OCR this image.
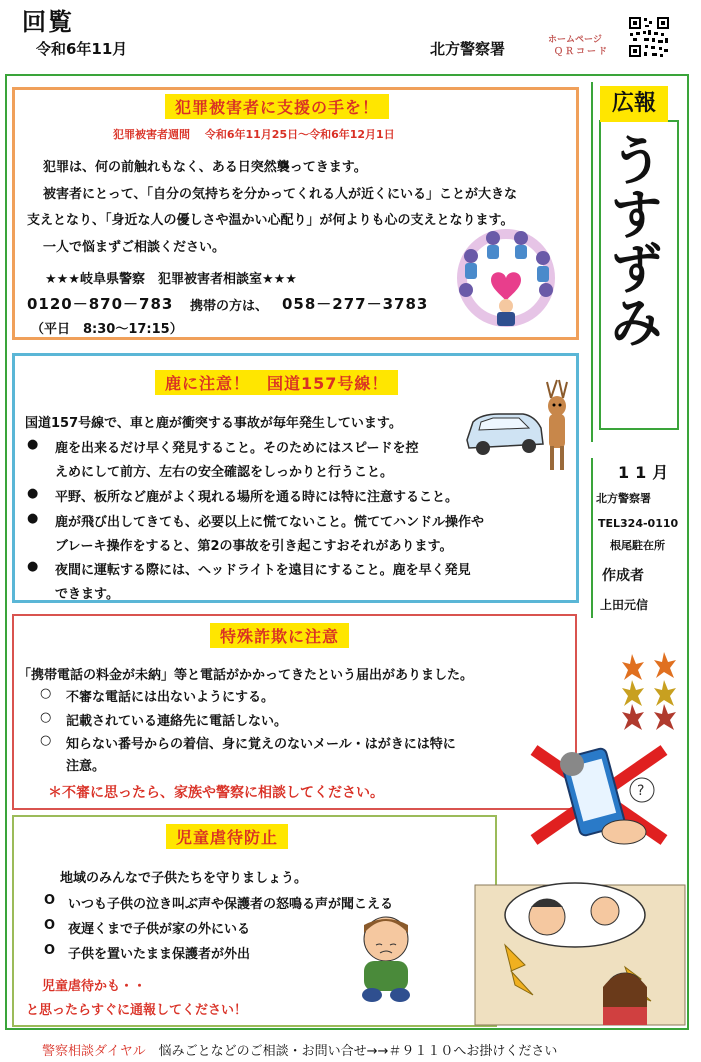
回覧
令和6年11月	北方警察署	ホームページ
ＱＲコード
犯罪被害者に支援の手を！
犯罪被害者週間　 令和6年11月25日～令和6年12月1日
犯罪は、何の前触れもなく、ある日突然襲ってきます。
被害者にとって、「自分の気持ちを分かってくれる人が近くにいる」ことが大きな
支えとなり、「身近な人の優しさや温かい心配り」が何よりも心の支えとなります。
一人で悩まずご相談ください。
★★★岐阜県警察　犯罪被害者相談室★★★
0120－870－783 携帯の方は、 058－277－3783
（平日　8:30～17:15）
鹿に注意！　国道157号線！
国道157号線で、車と鹿が衝突する事故が毎年発生しています。
● 鹿を出来るだけ早く発見すること。そのためにはスピードを控
えめにして前方、左右の安全確認をしっかりと行うこと。
● 平野、板所など鹿がよく現れる場所を通る時には特に注意すること。
● 鹿が飛び出してきても、必要以上に慌てないこと。慌ててハンドル操作や
ブレーキ操作をすると、第2の事故を引き起こすおそれがあります。
● 夜間に運転する際には、ヘッドライトを遠目にすること。鹿を早く発見
できます。
特殊詐欺に注意
「携帯電話の料金が未納」等と電話がかかってきたという届出がありました。
○ 不審な電話には出ないようにする。
○ 記載されている連絡先に電話しない。
○ 知らない番号からの着信、身に覚えのないメール・はがきには特に
注意。
＊不審に思ったら、家族や警察に相談してください。	?
児童虐待防止
地域のみんなで子供たちを守りましょう。
O いつも子供の泣き叫ぶ声や保護者の怒鳴る声が聞こえる
O 夜遅くまで子供が家の外にいる
O 子供を置いたまま保護者が外出
児童虐待かも・・
と思ったらすぐに通報してください！
広報
うすずみ
11月
北方警察署
TEL324-0110
根尾駐在所
作成者
上田元信
警察相談ダイヤル　悩みごとなどのご相談・お問い合せ→→＃９１１０へお掛けください
